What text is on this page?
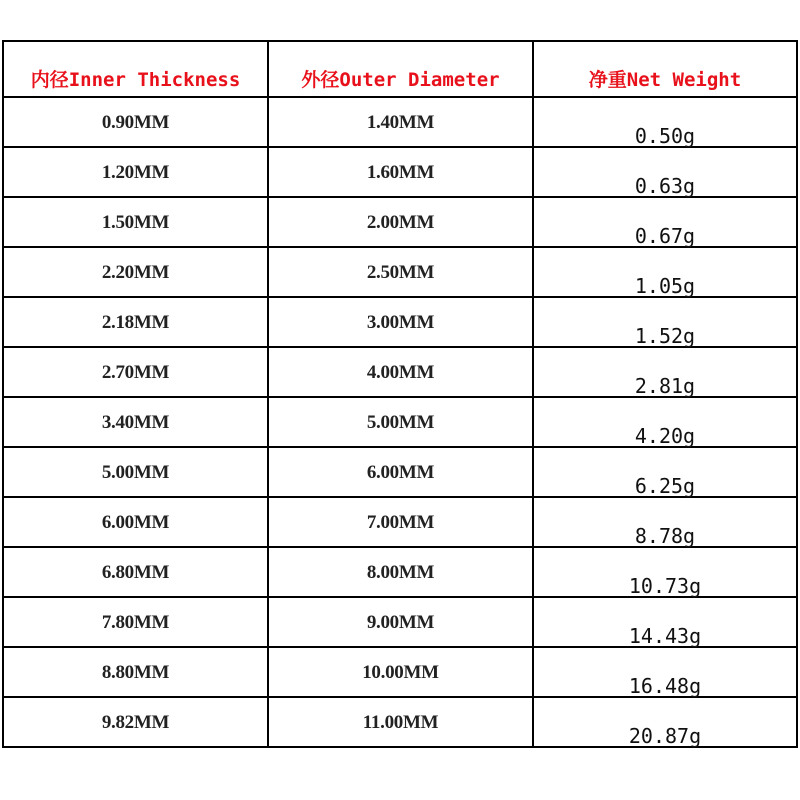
内径Inner Thickness	外径Outer Diameter	净重Net Weight
0.90MM	1.40MM	0.50g
1.20MM	1.60MM	0.63g
1.50MM	2.00MM	0.67g
2.20MM	2.50MM	1.05g
2.18MM	3.00MM	1.52g
2.70MM	4.00MM	2.81g
3.40MM	5.00MM	4.20g
5.00MM	6.00MM	6.25g
6.00MM	7.00MM	8.78g
6.80MM	8.00MM	10.73g
7.80MM	9.00MM	14.43g
8.80MM	10.00MM	16.48g
9.82MM	11.00MM	20.87g
